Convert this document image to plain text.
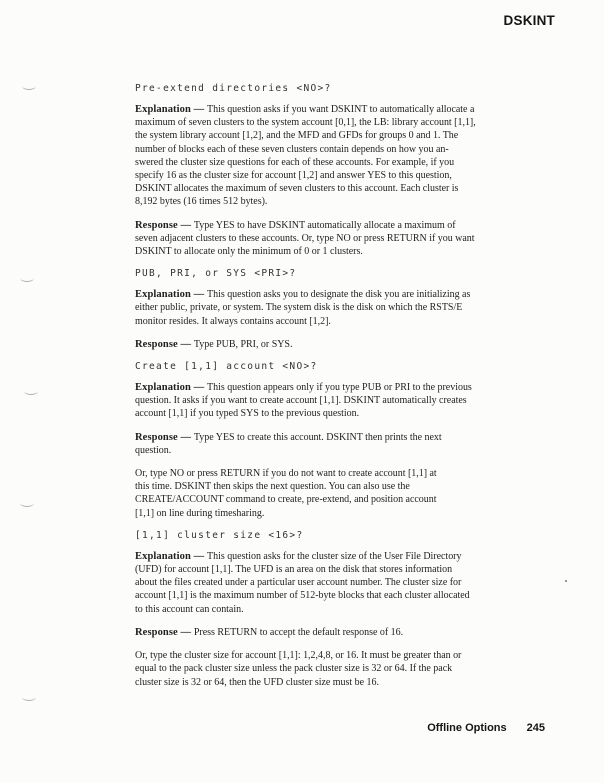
DSKINT
Pre-extend directories <NO>?

Explanation — This question asks if you want DSKINT to automatically allocate a
maximum of seven clusters to the system account [0,1], the LB: library account [1,1],
the system library account [1,2], and the MFD and GFDs for groups 0 and 1. The
number of blocks each of these seven clusters contain depends on how you an-
swered the cluster size questions for each of these accounts. For example, if you
specify 16 as the cluster size for account [1,2] and answer YES to this question,
DSKINT allocates the maximum of seven clusters to this account. Each cluster is
8,192 bytes (16 times 512 bytes).

Response — Type YES to have DSKINT automatically allocate a maximum of
seven adjacent clusters to these accounts. Or, type NO or press RETURN if you want
DSKINT to allocate only the minimum of 0 or 1 clusters.

PUB, PRI, or SYS <PRI>?

Explanation — This question asks you to designate the disk you are initializing as
either public, private, or system. The system disk is the disk on which the RSTS/E
monitor resides. It always contains account [1,2].

Response — Type PUB, PRI, or SYS.

Create [1,1] account <NO>?

Explanation — This question appears only if you type PUB or PRI to the previous
question. It asks if you want to create account [1,1]. DSKINT automatically creates
account [1,1] if you typed SYS to the previous question.

Response — Type YES to create this account. DSKINT then prints the next
question.

Or, type NO or press RETURN if you do not want to create account [1,1] at
this time. DSKINT then skips the next question. You can also use the
CREATE/ACCOUNT command to create, pre-extend, and position account
[1,1] on line during timesharing.

[1,1] cluster size <16>?

Explanation — This question asks for the cluster size of the User File Directory
(UFD) for account [1,1]. The UFD is an area on the disk that stores information
about the files created under a particular user account number. The cluster size for
account [1,1] is the maximum number of 512-byte blocks that each cluster allocated
to this account can contain.

Response — Press RETURN to accept the default response of 16.

Or, type the cluster size for account [1,1]: 1,2,4,8, or 16. It must be greater than or
equal to the pack cluster size unless the pack cluster size is 32 or 64. If the pack
cluster size is 32 or 64, then the UFD cluster size must be 16.

Offline Options 245
